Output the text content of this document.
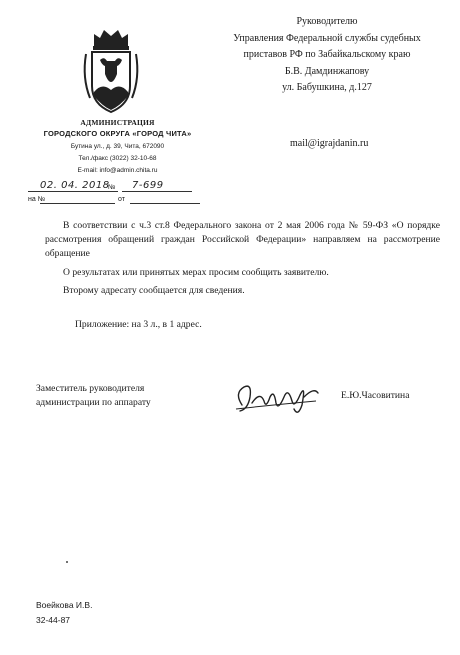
АДМИНИСТРАЦИЯ
ГОРОДСКОГО ОКРУГА «ГОРОД ЧИТА»
Бутина ул., д. 39, Чита, 672090
Тел./факс (3022) 32-10-68
E-mail: info@admin.chita.ru
02. 04. 2018 7-699
№
на №	от
Руководителю
Управления Федеральной службы судебных
приставов РФ по Забайкальскому краю
Б.В. Дамдинжапову
ул. Бабушкина, д.127
mail@igrajdanin.ru
В соответствии с ч.3 ст.8 Федерального закона от 2 мая 2006 года № 59-ФЗ «О порядке рассмотрения обращений граждан Российской Федерации» направляем на рассмотрение обращение
О результатах или принятых мерах просим сообщить заявителю.
Второму адресату сообщается для сведения.
Приложение: на 3 л., в 1 адрес.
Заместитель руководителя
администрации по аппарату
Е.Ю.Часовитина
Воейкова И.В.
32-44-87
